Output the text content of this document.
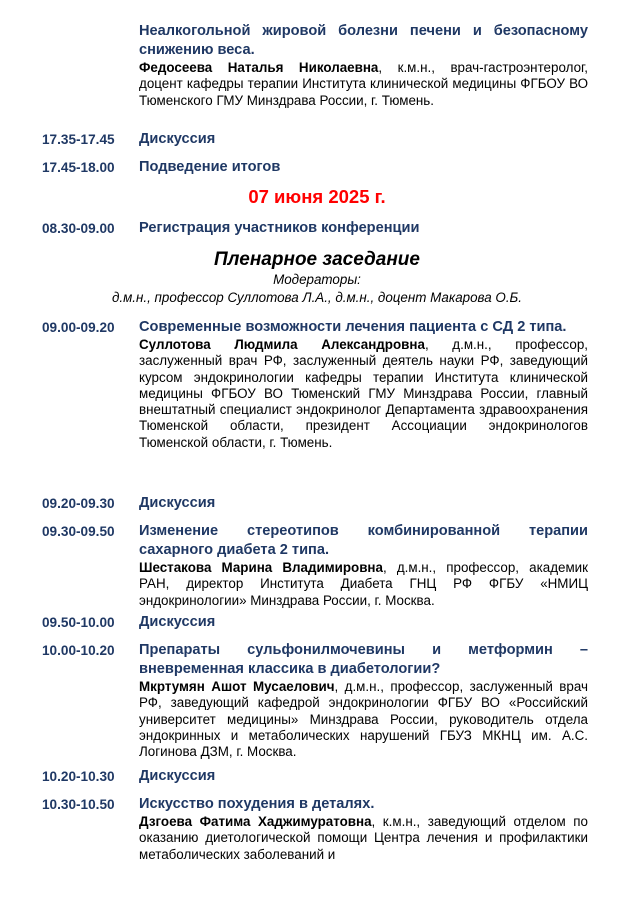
Неалкогольной жировой болезни печени и безопасному снижению веса.
Федосеева Наталья Николаевна, к.м.н., врач-гастроэнтеролог, доцент кафедры терапии Института клинической медицины ФГБОУ ВО Тюменского ГМУ Минздрава России, г. Тюмень.
17.35-17.45	Дискуссия
17.45-18.00	Подведение итогов
07 июня 2025 г.
08.30-09.00	Регистрация участников конференции
Пленарное заседание
Модераторы:
д.м.н., профессор Суллотова Л.А., д.м.н., доцент Макарова О.Б.
09.00-09.20	Современные возможности лечения пациента с СД 2 типа.
Суллотова Людмила Александровна, д.м.н., профессор, заслуженный врач РФ, заслуженный деятель науки РФ, заведующий курсом эндокринологии кафедры терапии Института клинической медицины ФГБОУ ВО Тюменский ГМУ Минздрава России, главный внештатный специалист эндокринолог Департамента здравоохранения Тюменской области, президент Ассоциации эндокринологов Тюменской области, г. Тюмень.
09.20-09.30	Дискуссия
09.30-09.50	Изменение стереотипов комбинированной терапии сахарного диабета 2 типа.
Шестакова Марина Владимировна, д.м.н., профессор, академик РАН, директор Института Диабета ГНЦ РФ ФГБУ «НМИЦ эндокринологии» Минздрава России, г. Москва.
09.50-10.00	Дискуссия
10.00-10.20	Препараты сульфонилмочевины и метформин – вневременная классика в диабетологии?
Мкртумян Ашот Мусаелович, д.м.н., профессор, заслуженный врач РФ, заведующий кафедрой эндокринологии ФГБУ ВО «Российский университет медицины» Минздрава России, руководитель отдела эндокринных и метаболических нарушений ГБУЗ МКНЦ им. А.С. Логинова ДЗМ, г. Москва.
10.20-10.30	Дискуссия
10.30-10.50	Искусство похудения в деталях.
Дзгоева Фатима Хаджимуратовна, к.м.н., заведующий отделом по оказанию диетологической помощи Центра лечения и профилактики метаболических заболеваний и
